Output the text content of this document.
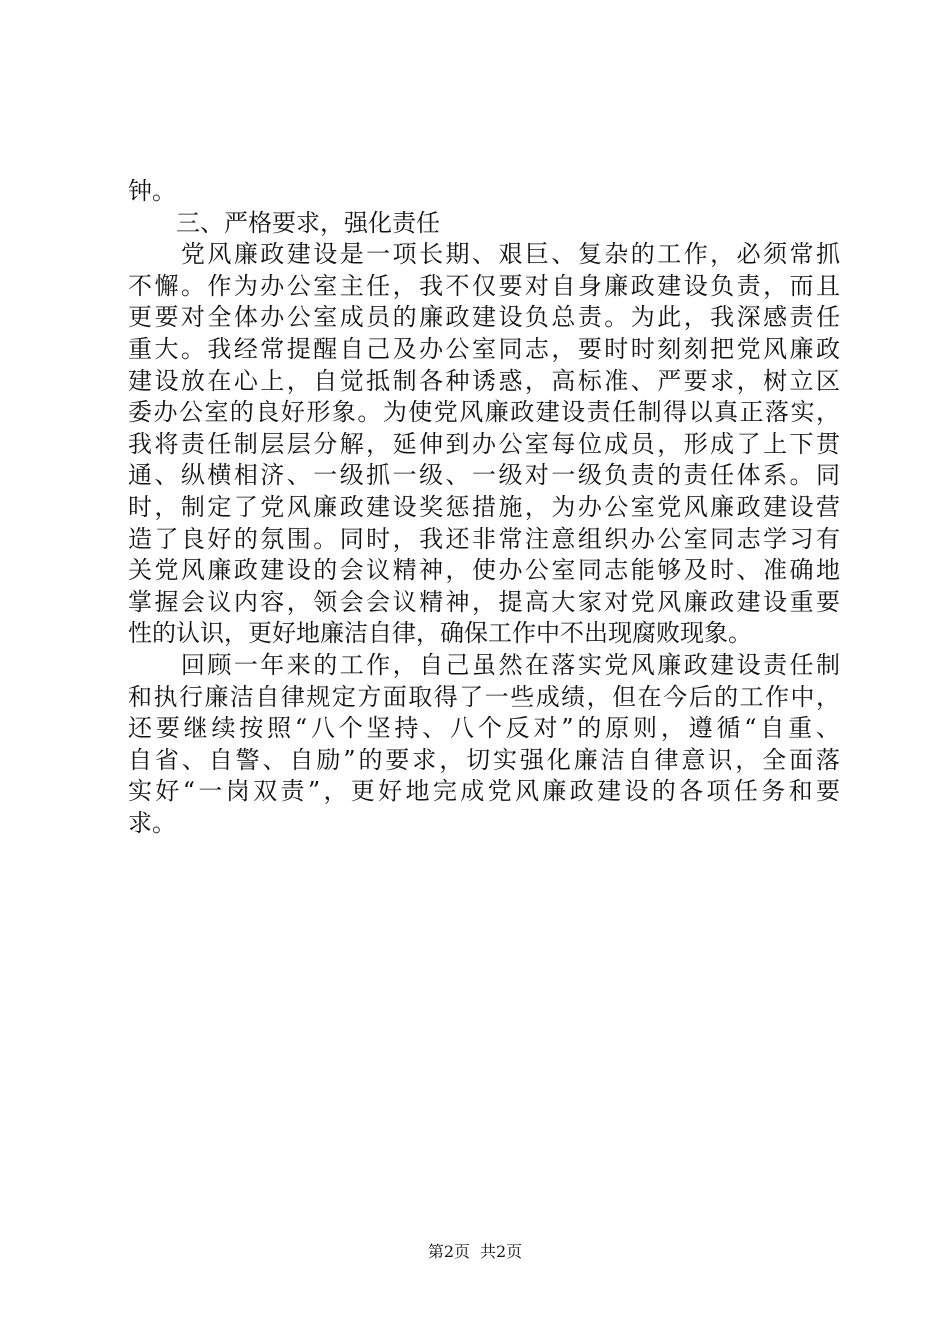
钟。
　　三、严格要求，强化责任
　　党风廉政建设是一项长期、艰巨、复杂的工作，必须常抓
不懈。作为办公室主任，我不仅要对自身廉政建设负责，而且
更要对全体办公室成员的廉政建设负总责。为此，我深感责任
重大。我经常提醒自己及办公室同志，要时时刻刻把党风廉政
建设放在心上，自觉抵制各种诱惑，高标准、严要求，树立区
委办公室的良好形象。为使党风廉政建设责任制得以真正落实，
我将责任制层层分解，延伸到办公室每位成员，形成了上下贯
通、纵横相济、一级抓一级、一级对一级负责的责任体系。同
时，制定了党风廉政建设奖惩措施，为办公室党风廉政建设营
造了良好的氛围。同时，我还非常注意组织办公室同志学习有
关党风廉政建设的会议精神，使办公室同志能够及时、准确地
掌握会议内容，领会会议精神，提高大家对党风廉政建设重要
性的认识，更好地廉洁自律，确保工作中不出现腐败现象。
　　回顾一年来的工作，自己虽然在落实党风廉政建设责任制
和执行廉洁自律规定方面取得了一些成绩，但在今后的工作中，
还要继续按照“八个坚持、八个反对”的原则，遵循“自重、
自省、自警、自励”的要求，切实强化廉洁自律意识，全面落
实好“一岗双责”，更好地完成党风廉政建设的各项任务和要
求。
第2页 共2页
